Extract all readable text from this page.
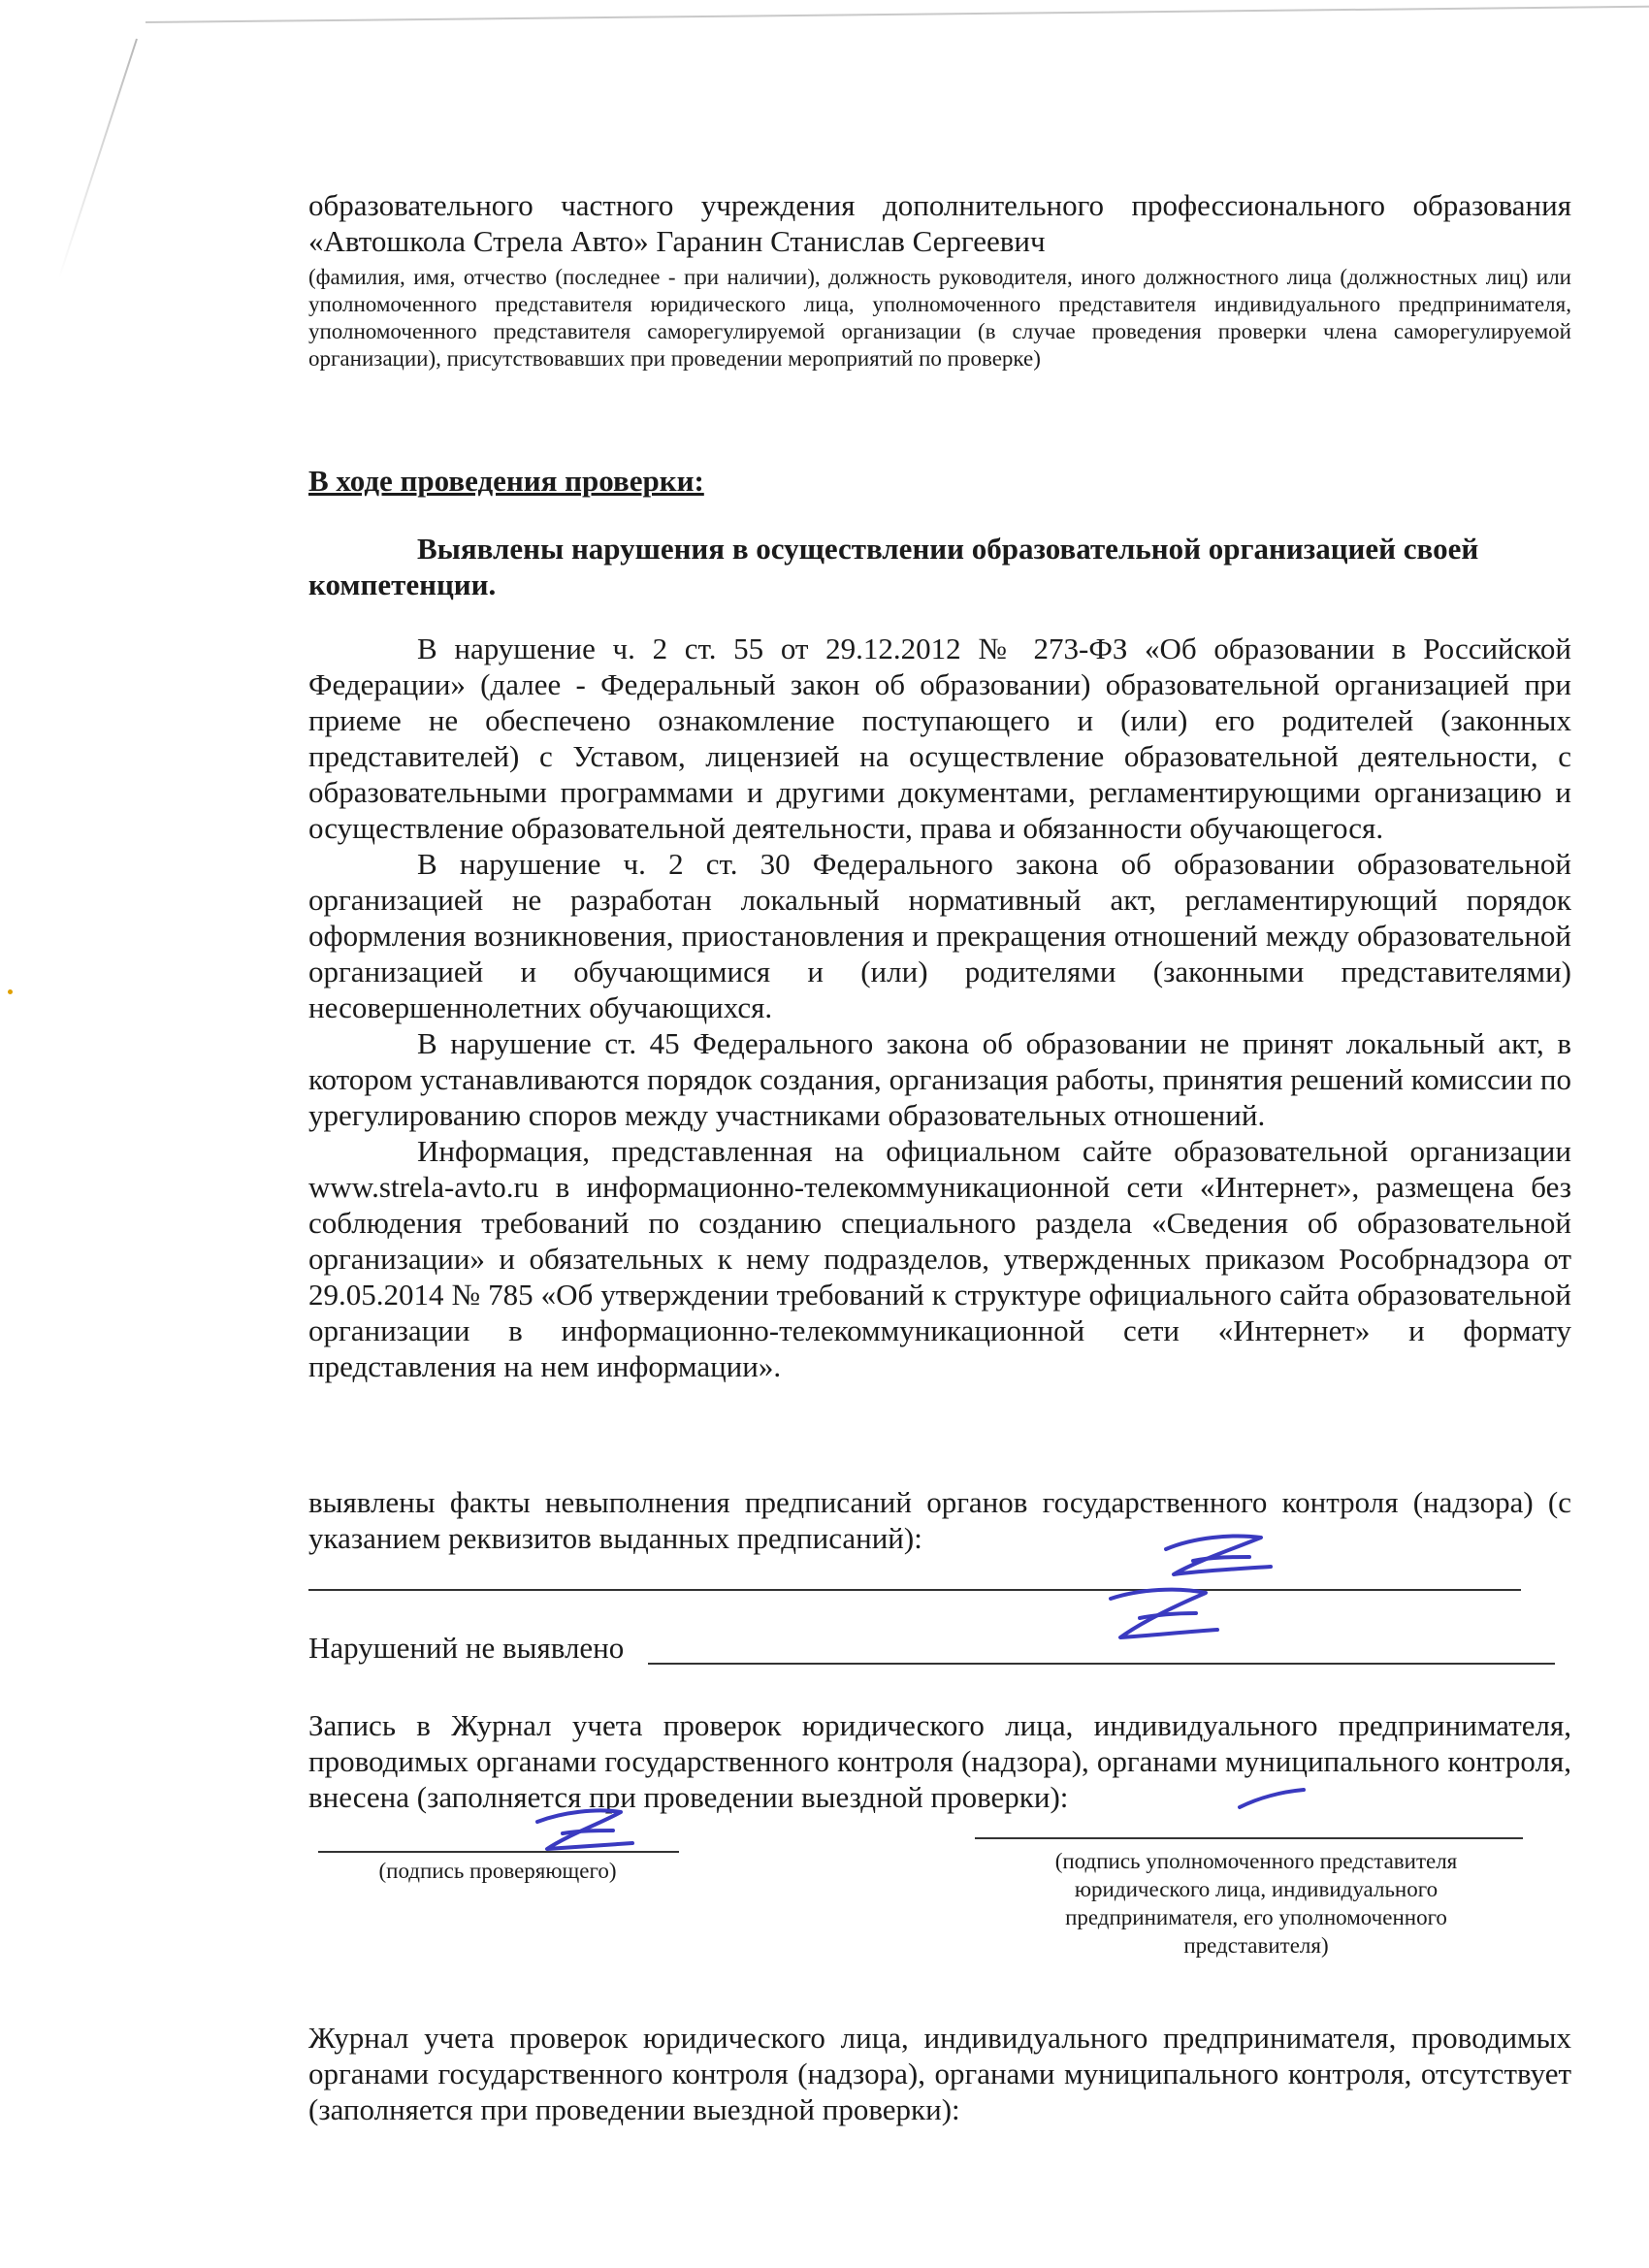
образовательного частного учреждения дополнительного профессионального образования «Автошкола Стрела Авто» Гаранин Станислав Сергеевич

(фамилия, имя, отчество (последнее - при наличии), должность руководителя, иного должностного лица (должностных лиц) или уполномоченного представителя юридического лица, уполномоченного представителя индивидуального предпринимателя, уполномоченного представителя саморегулируемой организации (в случае проведения проверки члена саморегулируемой организации), присутствовавших при проведении мероприятий по проверке)

В ходе проведения проверки:

Выявлены нарушения в осуществлении образовательной организацией своей компетенции.

В нарушение ч. 2 ст. 55 от 29.12.2012 № 273-ФЗ «Об образовании в Российской Федерации» (далее - Федеральный закон об образовании) образовательной организацией при приеме не обеспечено ознакомление поступающего и (или) его родителей (законных представителей) с Уставом, лицензией на осуществление образовательной деятельности, с образовательными программами и другими документами, регламентирующими организацию и осуществление образовательной деятельности, права и обязанности обучающегося.

В нарушение ч. 2 ст. 30 Федерального закона об образовании образовательной организацией не разработан локальный нормативный акт, регламентирующий порядок оформления возникновения, приостановления и прекращения отношений между образовательной организацией и обучающимися и (или) родителями (законными представителями) несовершеннолетних обучающихся.

В нарушение ст. 45 Федерального закона об образовании не принят локальный акт, в котором устанавливаются порядок создания, организация работы, принятия решений комиссии по урегулированию споров между участниками образовательных отношений.

Информация, представленная на официальном сайте образовательной организации www.strela-avto.ru в информационно-телекоммуникационной сети «Интернет», размещена без соблюдения требований по созданию специального раздела «Сведения об образовательной организации» и обязательных к нему подразделов, утвержденных приказом Рособрнадзора от 29.05.2014 № 785 «Об утверждении требований к структуре официального сайта образовательной организации в информационно-телекоммуникационной сети «Интернет» и формату представления на нем информации».

выявлены факты невыполнения предписаний органов государственного контроля (надзора) (с указанием реквизитов выданных предписаний):

Нарушений не выявлено

Запись в Журнал учета проверок юридического лица, индивидуального предпринимателя, проводимых органами государственного контроля (надзора), органами муниципального контроля, внесена (заполняется при проведении выездной проверки):

(подпись проверяющего)	(подпись уполномоченного представителя юридического лица, индивидуального предпринимателя, его уполномоченного представителя)

Журнал учета проверок юридического лица, индивидуального предпринимателя, проводимых органами государственного контроля (надзора), органами муниципального контроля, отсутствует (заполняется при проведении выездной проверки):
